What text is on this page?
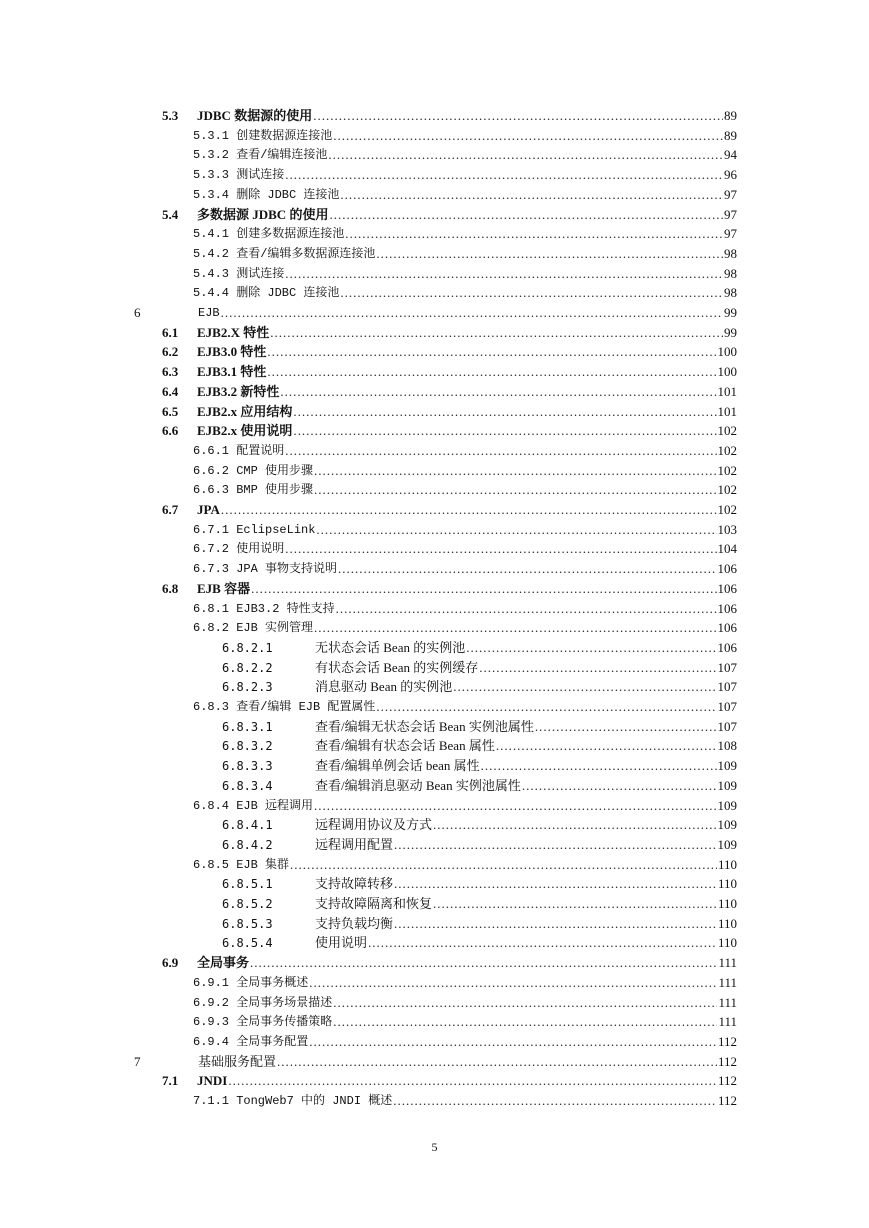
5.3	JDBC 数据源的使用 .....	89
5.3.1 创建数据源连接池 .....	89
5.3.2 查看/编辑连接池 .....	94
5.3.3 测试连接 .....	96
5.3.4 删除 JDBC 连接池 .....	97
5.4	多数据源 JDBC 的使用 .....	97
5.4.1 创建多数据源连接池 .....	97
5.4.2 查看/编辑多数据源连接池 .....	98
5.4.3 测试连接 .....	98
5.4.4 删除 JDBC 连接池 .....	98
6	EJB .....	99
6.1	EJB2.X 特性 .....	99
6.2	EJB3.0 特性 .....	100
6.3	EJB3.1 特性 .....	100
6.4	EJB3.2 新特性 .....	101
6.5	EJB2.x 应用结构 .....	101
6.6	EJB2.x 使用说明 .....	102
6.6.1 配置说明 .....	102
6.6.2 CMP 使用步骤 .....	102
6.6.3 BMP 使用步骤 .....	102
6.7	JPA .....	102
6.7.1 EclipseLink .....	103
6.7.2 使用说明 .....	104
6.7.3 JPA 事物支持说明 .....	106
6.8	EJB 容器 .....	106
6.8.1 EJB3.2 特性支持 .....	106
6.8.2 EJB 实例管理 .....	106
6.8.2.1	无状态会话 Bean 的实例池 .....	106
6.8.2.2	有状态会话 Bean 的实例缓存 .....	107
6.8.2.3	消息驱动 Bean 的实例池 .....	107
6.8.3 查看/编辑 EJB 配置属性 .....	107
6.8.3.1	查看/编辑无状态会话 Bean 实例池属性 .....	107
6.8.3.2	查看/编辑有状态会话 Bean 属性 .....	108
6.8.3.3	查看/编辑单例会话 bean 属性 .....	109
6.8.3.4	查看/编辑消息驱动 Bean 实例池属性 .....	109
6.8.4 EJB 远程调用 .....	109
6.8.4.1	远程调用协议及方式 .....	109
6.8.4.2	远程调用配置 .....	109
6.8.5 EJB 集群 .....	110
6.8.5.1	支持故障转移 .....	110
6.8.5.2	支持故障隔离和恢复 .....	110
6.8.5.3	支持负载均衡 .....	110
6.8.5.4	使用说明 .....	110
6.9	全局事务 .....	111
6.9.1 全局事务概述 .....	111
6.9.2 全局事务场景描述 .....	111
6.9.3 全局事务传播策略 .....	111
6.9.4 全局事务配置 .....	112
7	基础服务配置 .....	112
7.1	JNDI .....	112
7.1.1 TongWeb7 中的 JNDI 概述 .....	112
5
